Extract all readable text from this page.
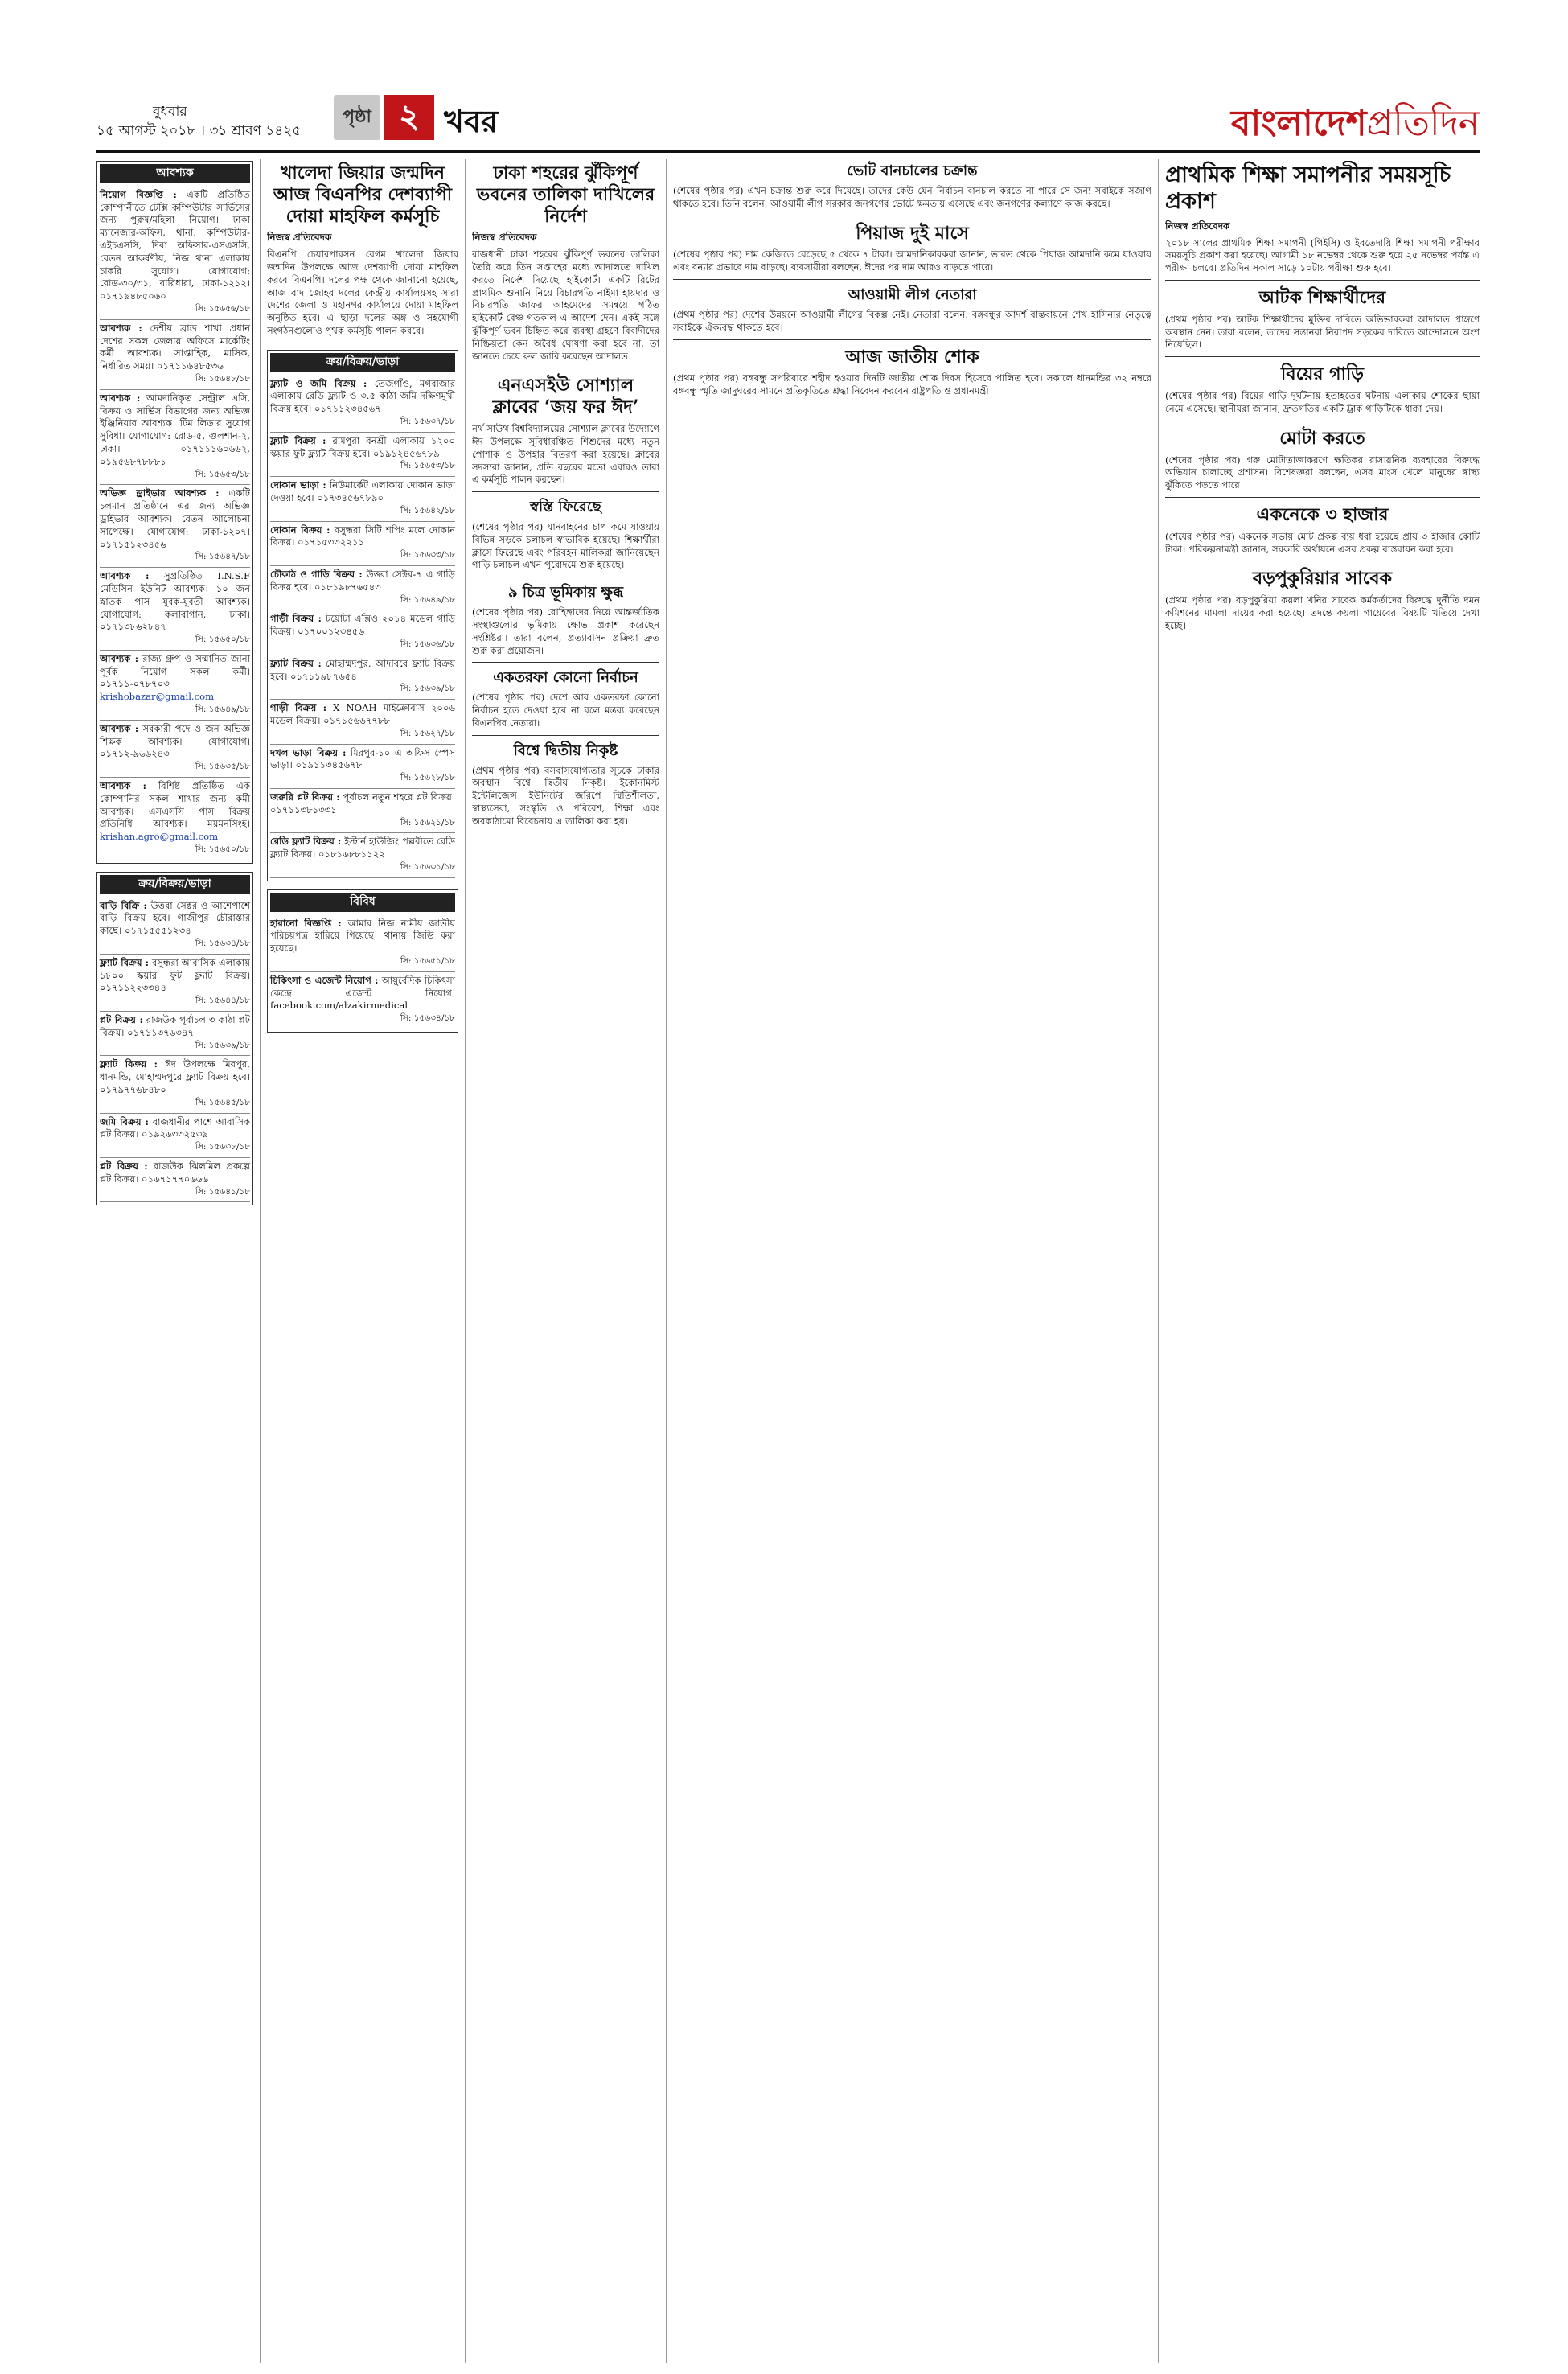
বুধবার
১৫ আগস্ট ২০১৮ । ৩১ শ্রাবণ ১৪২৫
পৃষ্ঠা ২ খবর	বাংলাদেশপ্রতিদিন
আবশ্যক
নিয়োগ বিজ্ঞপ্তি : একটি প্রতিষ্ঠিত কোম্পানীতে টেক্সি কম্পিউটার সার্ভিসের জন্য পুরুষ/মহিলা নিয়োগ। ঢাকা ম্যানেজার-অফিস, থানা, কম্পিউটার-এইচএসসি, দিবা অফিসার-এসএসসি, বেতন আকর্ষণীয়, নিজ থানা এলাকায় চাকরি সুযোগ। যোগাযোগ: রোড-৩০/৩১, বারিধারা, ঢাকা-১২১২। ০১৭১৯৪৮৫০৬০
সি: ১৫৬৫৬/১৮
আবশ্যক : দেশীয় ব্রান্ড শাখা প্রধান দেশের সকল জেলায় অফিসে মার্কেটিং কর্মী আবশ্যক। সাপ্তাহিক, মাসিক, নির্ধারিত সময়। ০১৭১১৬৪৮৫৩৬
সি: ১৫৬৪৮/১৮
আবশ্যক : আমদানিকৃত সেন্ট্রাল এসি, বিক্রয় ও সার্ভিস বিভাগের জন্য অভিজ্ঞ ইঞ্জিনিয়ার আবশ্যক। টিম লিডার সুযোগ সুবিধা। যোগাযোগ: রোড-৫, গুলশান-২, ঢাকা। ০১৭১১১৬০৬৬২, ০১৯৫৬৮৭৮৮৮১
সি: ১৫৬৫৩/১৮
অভিজ্ঞ ড্রাইভার আবশ্যক : একটি চলমান প্রতিষ্ঠানে এর জন্য অভিজ্ঞ ড্রাইভার আবশ্যক। বেতন আলোচনা সাপেক্ষে। যোগাযোগ: ঢাকা-১২০৭। ০১৭১৫১২৩৪৫৬
সি: ১৫৬৪৭/১৮
আবশ্যক : সুপ্রতিষ্ঠিত I.N.S.F মেডিসিন ইউনিট আবশ্যক। ১০ জন স্নাতক পাস যুবক-যুবতী আবশ্যক। যোগাযোগ: কলাবাগান, ঢাকা। ০১৭১৩৮৬২৮৪৭
সি: ১৫৬৫০/১৮
আবশ্যক : রাজ্য গ্রুপ ও সম্মানিত জানা পূর্বক নিয়োগ সকল কর্মী। ০১৭১১-০৭৮৭০৩ krishobazar@gmail.com
সি: ১৫৬৪৯/১৮
আবশ্যক : সরকারী পদে ও জন অভিজ্ঞ শিক্ষক আবশ্যক। যোগাযোগ। ০১৭১২-৯৬৬২৪৩
সি: ১৫৬৩৫/১৮
আবশ্যক : বিশিষ্ট প্রতিষ্ঠিত এক কোম্পানির সকল শাখার জন্য কর্মী আবশ্যক। এসএসসি পাস বিক্রয় প্রতিনিধি আবশ্যক। ময়মনসিংহ। krishan.agro@gmail.com
সি: ১৫৬৫০/১৮
ক্রয়/বিক্রয়/ভাড়া
বাড়ি বিক্রি : উত্তরা সেক্টর ও আশেপাশে বাড়ি বিক্রয় হবে। গাজীপুর চৌরাস্তার কাছে। ০১৭১৫৫৫১২৩৪
সি: ১৫৬৩৪/১৮
ফ্ল্যাট বিক্রয় : বসুন্ধরা আবাসিক এলাকায় ১৮০০ স্কয়ার ফুট ফ্ল্যাট বিক্রয়। ০১৭১১২২৩৩৪৪
সি: ১৫৬৪৪/১৮
প্লট বিক্রয় : রাজউক পূর্বাচল ৩ কাঠা প্লট বিক্রয়। ০১৭১১৩৭৬৩৪৭
সি: ১৫৬৩৯/১৮
ফ্ল্যাট বিক্রয় : ঈদ উপলক্ষে মিরপুর, ধানমন্ডি, মোহাম্মদপুরে ফ্ল্যাট বিক্রয় হবে। ০১৭৯৭৭৬৮৪৮০
সি: ১৫৬৪৫/১৮
জমি বিক্রয় : রাজধানীর পাশে আবাসিক প্লট বিক্রয়। ০১৯২৬৩৩২৫৩৯
সি: ১৫৬৩৮/১৮
প্লট বিক্রয় : রাজউক ঝিলমিল প্রকল্পে প্লট বিক্রয়। ০১৬৭১৭৭০৬৬৬
সি: ১৫৬৪১/১৮
খালেদা জিয়ার জন্মদিন আজ বিএনপির দেশব্যাপী দোয়া মাহফিল কর্মসূচি
নিজস্ব প্রতিবেদক
বিএনপি চেয়ারপারসন বেগম খালেদা জিয়ার জন্মদিন উপলক্ষে আজ দেশব্যাপী দোয়া মাহফিল করবে বিএনপি। দলের পক্ষ থেকে জানানো হয়েছে, আজ বাদ জোহর দলের কেন্দ্রীয় কার্যালয়সহ সারা দেশের জেলা ও মহানগর কার্যালয়ে দোয়া মাহফিল অনুষ্ঠিত হবে। এ ছাড়া দলের অঙ্গ ও সহযোগী সংগঠনগুলোও পৃথক কর্মসূচি পালন করবে।
ক্রয়/বিক্রয়/ভাড়া
ফ্ল্যাট ও জমি বিক্রয় : তেজগাঁও, মগবাজার এলাকায় রেডি ফ্ল্যাট ও ৩.৫ কাঠা জমি দক্ষিণমুখী বিক্রয় হবে। ০১৭১১২৩৪৫৬৭
সি: ১৫৬৩৭/১৮
ফ্ল্যাট বিক্রয় : রামপুরা বনশ্রী এলাকায় ১২০০ স্কয়ার ফুট ফ্ল্যাট বিক্রয় হবে। ০১৯১২৪৫৬৭৮৯
সি: ১৫৬৫৩/১৮
দোকান ভাড়া : নিউমার্কেট এলাকায় দোকান ভাড়া দেওয়া হবে। ০১৭৩৪৫৬৭৮৯০
সি: ১৫৬৪২/১৮
দোকান বিক্রয় : বসুন্ধরা সিটি শপিং মলে দোকান বিক্রয়। ০১৭১৫৩৩২২১১
সি: ১৫৬৩৩/১৮
চৌকাঠ ও গাড়ি বিক্রয় : উত্তরা সেক্টর-৭ এ গাড়ি বিক্রয় হবে। ০১৮১৯৮৭৬৫৪৩
সি: ১৫৬৪৯/১৮
গাড়ী বিক্রয় : টয়োটা এক্সিও ২০১৪ মডেল গাড়ি বিক্রয়। ০১৭০০১২৩৪৫৬
সি: ১৫৬৩৬/১৮
ফ্ল্যাট বিক্রয় : মোহাম্মদপুর, আদাবরে ফ্ল্যাট বিক্রয় হবে। ০১৭১১৯৮৭৬৫৪
সি: ১৫৬৩৯/১৮
গাড়ী বিক্রয় : X NOAH মাইক্রোবাস ২০০৬ মডেল বিক্রয়। ০১৭১৫৬৬৭৭৮৮
সি: ১৫৬২৭/১৮
দখল ভাড়া বিক্রয় : মিরপুর-১০ এ অফিস স্পেস ভাড়া। ০১৯১১৩৪৫৬৭৮
সি: ১৫৬২৮/১৮
জরুরি প্লট বিক্রয় : পূর্বাচল নতুন শহরে প্লট বিক্রয়। ০১৭১১৩৮১৩৩১
সি: ১৫৬২১/১৮
রেডি ফ্ল্যাট বিক্রয় : ইস্টার্ন হাউজিং পল্লবীতে রেডি ফ্ল্যাট বিক্রয়। ০১৮১৬৮৮১১২২
সি: ১৫৬৩১/১৮
বিবিধ
হারানো বিজ্ঞপ্তি : আমার নিজ নামীয় জাতীয় পরিচয়পত্র হারিয়ে গিয়েছে। থানায় জিডি করা হয়েছে।
সি: ১৫৬৫১/১৮
চিকিৎসা ও এজেন্ট নিয়োগ : আয়ুর্বেদিক চিকিৎসা কেন্দ্রে এজেন্ট নিয়োগ। facebook.com/alzakirmedical
সি: ১৫৬৩৪/১৮
ঢাকা শহরের ঝুঁকিপূর্ণ ভবনের তালিকা দাখিলের নির্দেশ
নিজস্ব প্রতিবেদক
রাজধানী ঢাকা শহরের ঝুঁকিপূর্ণ ভবনের তালিকা তৈরি করে তিন সপ্তাহের মধ্যে আদালতে দাখিল করতে নির্দেশ দিয়েছে হাইকোর্ট। একটি রিটের প্রাথমিক শুনানি নিয়ে বিচারপতি নাইমা হায়দার ও বিচারপতি জাফর আহমেদের সমন্বয়ে গঠিত হাইকোর্ট বেঞ্চ গতকাল এ আদেশ দেন। একই সঙ্গে ঝুঁকিপূর্ণ ভবন চিহ্নিত করে ব্যবস্থা গ্রহণে বিবাদীদের নিষ্ক্রিয়তা কেন অবৈধ ঘোষণা করা হবে না, তা জানতে চেয়ে রুল জারি করেছেন আদালত।
এনএসইউ সোশ্যাল ক্লাবের ‘জয় ফর ঈদ’
নর্থ সাউথ বিশ্ববিদ্যালয়ের সোশ্যাল ক্লাবের উদ্যোগে ঈদ উপলক্ষে সুবিধাবঞ্চিত শিশুদের মধ্যে নতুন পোশাক ও উপহার বিতরণ করা হয়েছে। ক্লাবের সদস্যরা জানান, প্রতি বছরের মতো এবারও তারা এ কর্মসূচি পালন করছেন।
স্বস্তি ফিরেছে
(শেষের পৃষ্ঠার পর) যানবাহনের চাপ কমে যাওয়ায় বিভিন্ন সড়কে চলাচল স্বাভাবিক হয়েছে। শিক্ষার্থীরা ক্লাসে ফিরেছে এবং পরিবহন মালিকরা জানিয়েছেন গাড়ি চলাচল এখন পুরোদমে শুরু হয়েছে।
৯ চিত্র ভূমিকায় ক্ষুব্ধ
(শেষের পৃষ্ঠার পর) রোহিঙ্গাদের নিয়ে আন্তর্জাতিক সংস্থাগুলোর ভূমিকায় ক্ষোভ প্রকাশ করেছেন সংশ্লিষ্টরা। তারা বলেন, প্রত্যাবাসন প্রক্রিয়া দ্রুত শুরু করা প্রয়োজন।
একতরফা কোনো নির্বাচন
(শেষের পৃষ্ঠার পর) দেশে আর একতরফা কোনো নির্বাচন হতে দেওয়া হবে না বলে মন্তব্য করেছেন বিএনপির নেতারা।
বিশ্বে দ্বিতীয় নিকৃষ্ট
(প্রথম পৃষ্ঠার পর) বসবাসযোগ্যতার সূচকে ঢাকার অবস্থান বিশ্বে দ্বিতীয় নিকৃষ্ট। ইকোনমিস্ট ইন্টেলিজেন্স ইউনিটের জরিপে স্থিতিশীলতা, স্বাস্থ্যসেবা, সংস্কৃতি ও পরিবেশ, শিক্ষা এবং অবকাঠামো বিবেচনায় এ তালিকা করা হয়।
ভোট বানচালের চক্রান্ত
(শেষের পৃষ্ঠার পর) এখন চক্রান্ত শুরু করে দিয়েছে। তাদের কেউ যেন নির্বাচন বানচাল করতে না পারে সে জন্য সবাইকে সজাগ থাকতে হবে। তিনি বলেন, আওয়ামী লীগ সরকার জনগণের ভোটে ক্ষমতায় এসেছে এবং জনগণের কল্যাণে কাজ করছে।
পিয়াজ দুই মাসে
(শেষের পৃষ্ঠার পর) দাম কেজিতে বেড়েছে ৫ থেকে ৭ টাকা। আমদানিকারকরা জানান, ভারত থেকে পিয়াজ আমদানি কমে যাওয়ায় এবং বন্যার প্রভাবে দাম বাড়ছে। ব্যবসায়ীরা বলছেন, ঈদের পর দাম আরও বাড়তে পারে।
আওয়ামী লীগ নেতারা
(প্রথম পৃষ্ঠার পর) দেশের উন্নয়নে আওয়ামী লীগের বিকল্প নেই। নেতারা বলেন, বঙ্গবন্ধুর আদর্শ বাস্তবায়নে শেখ হাসিনার নেতৃত্বে সবাইকে ঐক্যবদ্ধ থাকতে হবে।
আজ জাতীয় শোক
(প্রথম পৃষ্ঠার পর) বঙ্গবন্ধু সপরিবারে শহীদ হওয়ার দিনটি জাতীয় শোক দিবস হিসেবে পালিত হবে। সকালে ধানমন্ডির ৩২ নম্বরে বঙ্গবন্ধু স্মৃতি জাদুঘরের সামনে প্রতিকৃতিতে শ্রদ্ধা নিবেদন করবেন রাষ্ট্রপতি ও প্রধানমন্ত্রী।
প্রাথমিক শিক্ষা সমাপনীর সময়সূচি প্রকাশ
নিজস্ব প্রতিবেদক
২০১৮ সালের প্রাথমিক শিক্ষা সমাপনী (পিইসি) ও ইবতেদায়ি শিক্ষা সমাপনী পরীক্ষার সময়সূচি প্রকাশ করা হয়েছে। আগামী ১৮ নভেম্বর থেকে শুরু হয়ে ২৫ নভেম্বর পর্যন্ত এ পরীক্ষা চলবে। প্রতিদিন সকাল সাড়ে ১০টায় পরীক্ষা শুরু হবে।
আটক শিক্ষার্থীদের
(প্রথম পৃষ্ঠার পর) আটক শিক্ষার্থীদের মুক্তির দাবিতে অভিভাবকরা আদালত প্রাঙ্গণে অবস্থান নেন। তারা বলেন, তাদের সন্তানরা নিরাপদ সড়কের দাবিতে আন্দোলনে অংশ নিয়েছিল।
বিয়ের গাড়ি
(শেষের পৃষ্ঠার পর) বিয়ের গাড়ি দুর্ঘটনায় হতাহতের ঘটনায় এলাকায় শোকের ছায়া নেমে এসেছে। স্থানীয়রা জানান, দ্রুতগতির একটি ট্রাক গাড়িটিকে ধাক্কা দেয়।
মোটা করতে
(শেষের পৃষ্ঠার পর) গরু মোটাতাজাকরণে ক্ষতিকর রাসায়নিক ব্যবহারের বিরুদ্ধে অভিযান চালাচ্ছে প্রশাসন। বিশেষজ্ঞরা বলছেন, এসব মাংস খেলে মানুষের স্বাস্থ্য ঝুঁকিতে পড়তে পারে।
একনেকে ৩ হাজার
(শেষের পৃষ্ঠার পর) একনেক সভায় মোট প্রকল্প ব্যয় ধরা হয়েছে প্রায় ৩ হাজার কোটি টাকা। পরিকল্পনামন্ত্রী জানান, সরকারি অর্থায়নে এসব প্রকল্প বাস্তবায়ন করা হবে।
বড়পুকুরিয়ার সাবেক
(প্রথম পৃষ্ঠার পর) বড়পুকুরিয়া কয়লা খনির সাবেক কর্মকর্তাদের বিরুদ্ধে দুর্নীতি দমন কমিশনের মামলা দায়ের করা হয়েছে। তদন্তে কয়লা গায়েবের বিষয়টি খতিয়ে দেখা হচ্ছে।
